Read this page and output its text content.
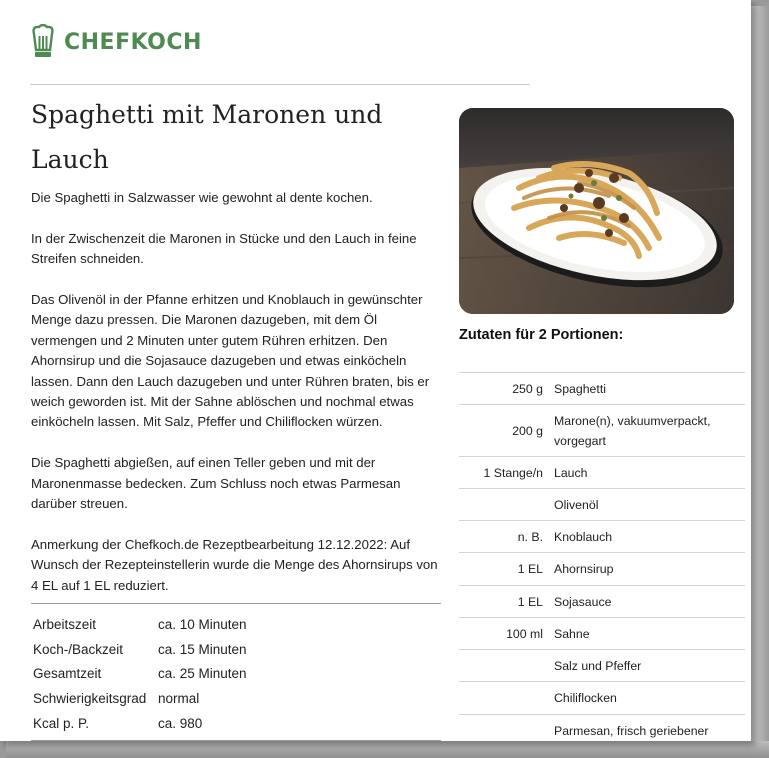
CHEFKOCH
Spaghetti mit Maronen und
Lauch

Die Spaghetti in Salzwasser wie gewohnt al dente kochen.

In der Zwischenzeit die Maronen in Stücke und den Lauch in feine Streifen schneiden.

Das Olivenöl in der Pfanne erhitzen und Knoblauch in gewünschter Menge dazu pressen. Die Maronen dazugeben, mit dem Öl vermengen und 2 Minuten unter gutem Rühren erhitzen. Den Ahornsirup und die Sojasauce dazugeben und etwas einköcheln lassen. Dann den Lauch dazugeben und unter Rühren braten, bis er weich geworden ist. Mit der Sahne ablöschen und nochmal etwas einköcheln lassen. Mit Salz, Pfeffer und Chiliflocken würzen.

Die Spaghetti abgießen, auf einen Teller geben und mit der Maronenmasse bedecken. Zum Schluss noch etwas Parmesan darüber streuen.

Anmerkung der Chefkoch.de Rezeptbearbeitung 12.12.2022: Auf Wunsch der Rezepteinstellerin wurde die Menge des Ahornsirups von 4 EL auf 1 EL reduziert.

Arbeitszeit	ca. 10 Minuten
Koch-/Backzeit	ca. 15 Minuten
Gesamtzeit	ca. 25 Minuten
Schwierigkeitsgrad normal
Kcal p. P.	ca. 980
Zutaten für 2 Portionen:
250 g	Spaghetti
200 g	Marone(n), vakuumverpackt, vorgegart
1 Stange/n	Lauch
	Olivenöl
n. B.	Knoblauch
1 EL	Ahornsirup
1 EL	Sojasauce
100 ml	Sahne
	Salz und Pfeffer
	Chiliflocken
	Parmesan, frisch geriebener
